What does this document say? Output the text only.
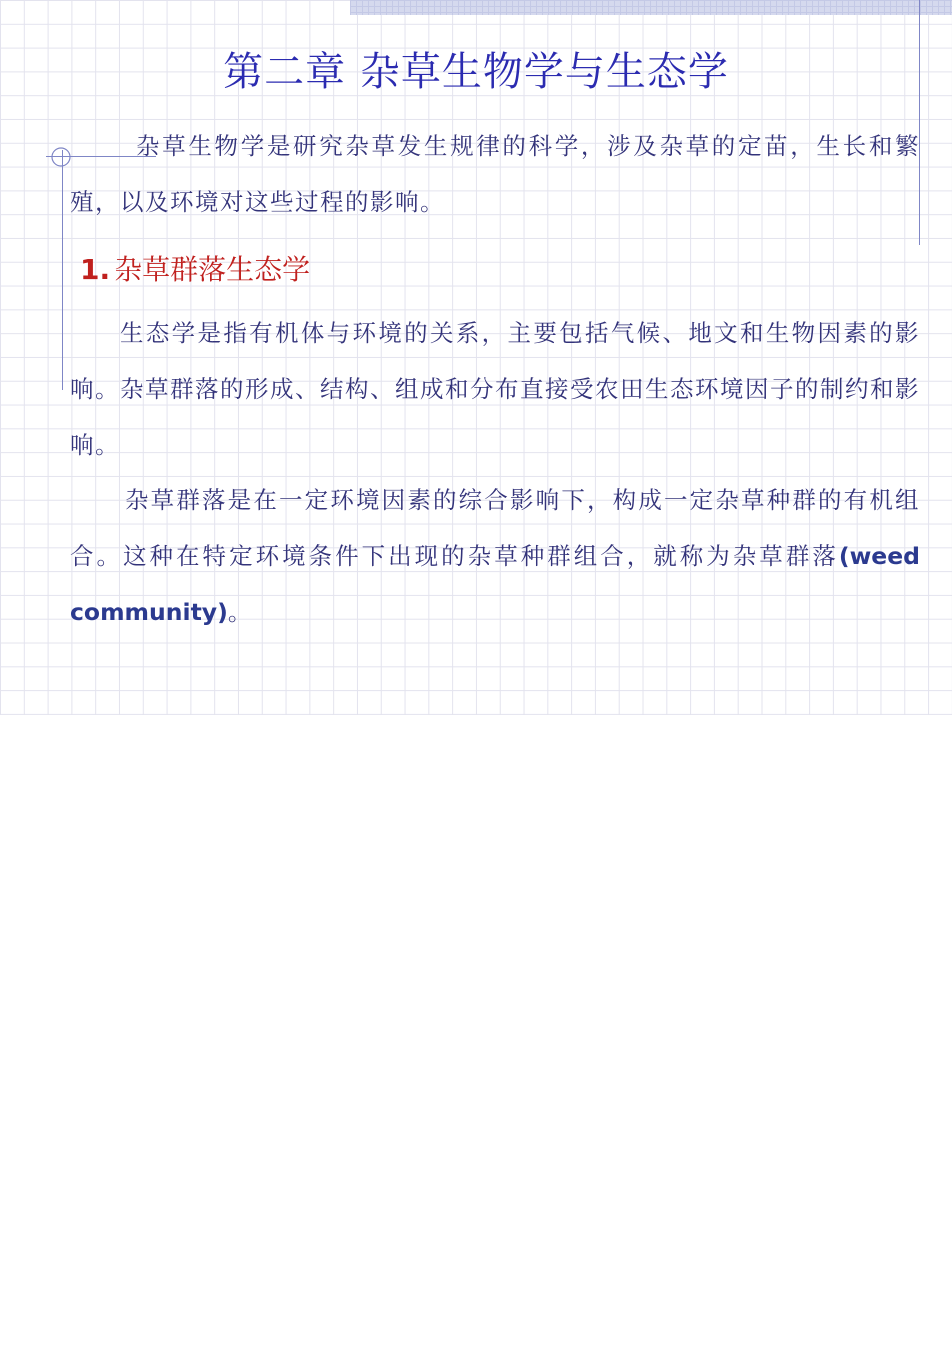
第二章 杂草生物学与生态学

杂草生物学是研究杂草发生规律的科学，涉及杂草的定苗，生长和繁殖，以及环境对这些过程的影响。

1. 杂草群落生态学

生态学是指有机体与环境的关系，主要包括气候、地文和生物因素的影响。杂草群落的形成、结构、组成和分布直接受农田生态环境因子的制约和影响。

杂草群落是在一定环境因素的综合影响下，构成一定杂草种群的有机组合。这种在特定环境条件下出现的杂草种群组合，就称为杂草群落(weed community)。
